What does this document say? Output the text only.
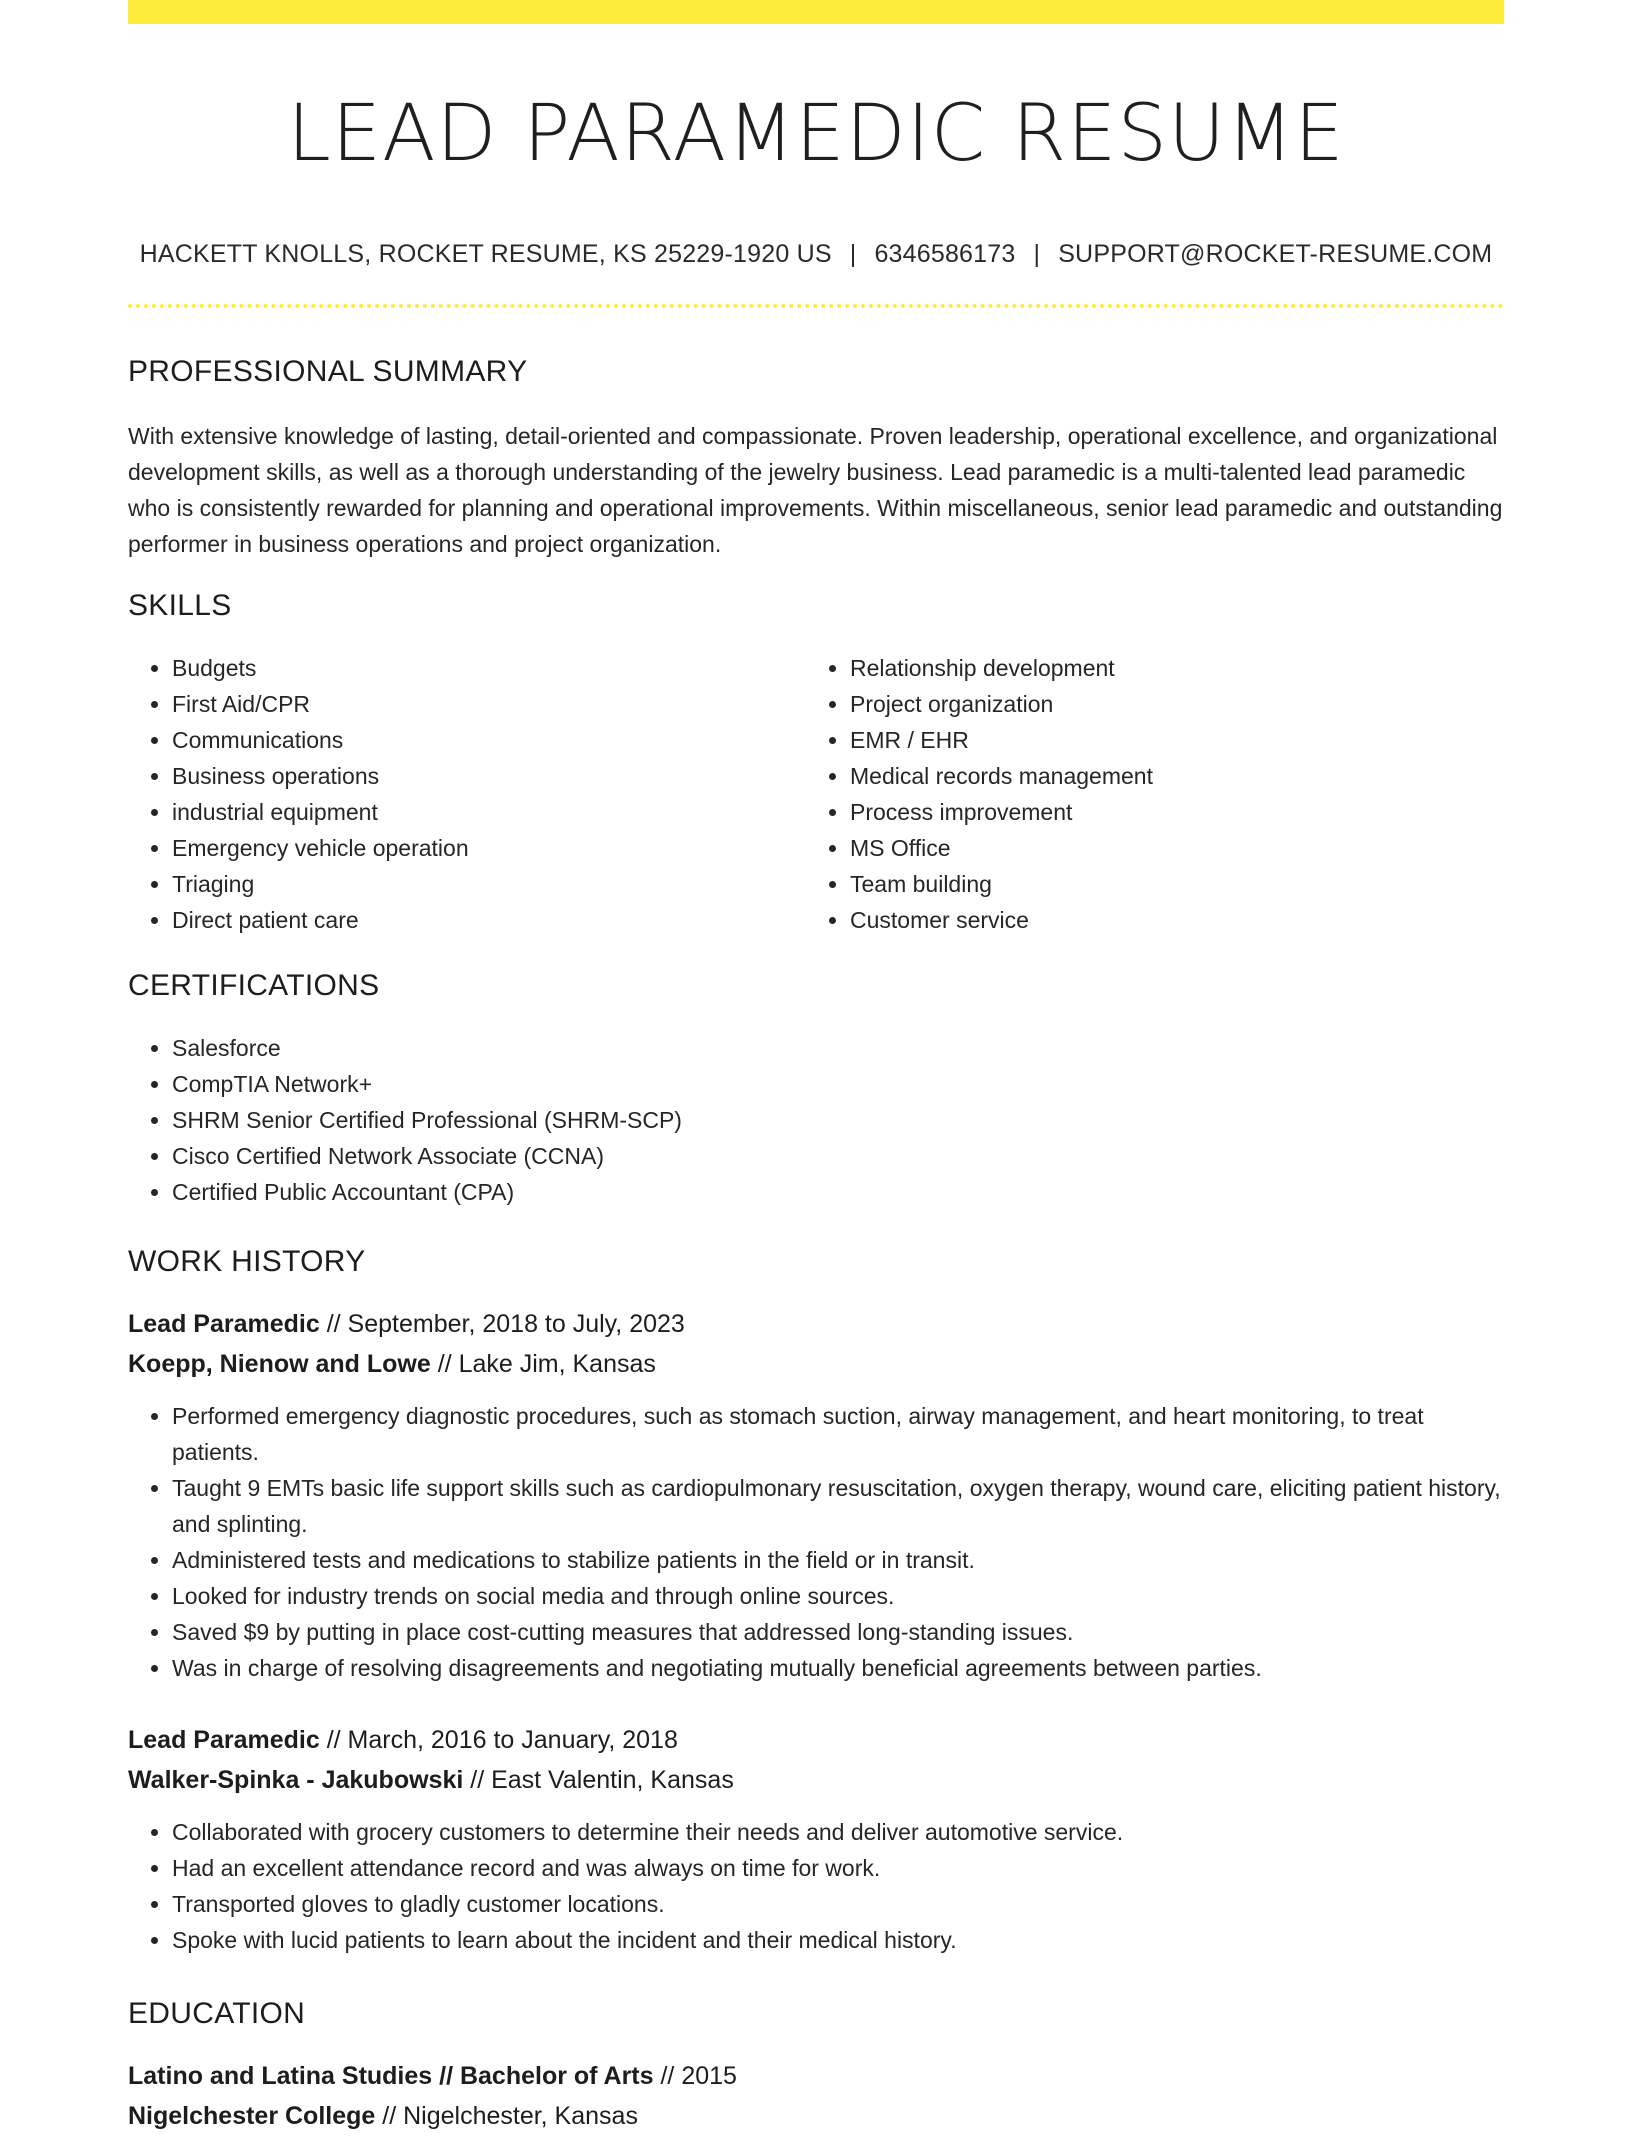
LEAD PARAMEDIC RESUME
HACKETT KNOLLS, ROCKET RESUME, KS 25229-1920 US | 6346586173 | SUPPORT@ROCKET-RESUME.COM
PROFESSIONAL SUMMARY

With extensive knowledge of lasting, detail-oriented and compassionate. Proven leadership, operational excellence, and organizational development skills, as well as a thorough understanding of the jewelry business. Lead paramedic is a multi-talented lead paramedic who is consistently rewarded for planning and operational improvements. Within miscellaneous, senior lead paramedic and outstanding performer in business operations and project organization.

SKILLS
• Budgets
• First Aid/CPR
• Communications
• Business operations
• industrial equipment
• Emergency vehicle operation
• Triaging
• Direct patient care
• Relationship development
• Project organization
• EMR / EHR
• Medical records management
• Process improvement
• MS Office
• Team building
• Customer service
CERTIFICATIONS
• Salesforce
• CompTIA Network+
• SHRM Senior Certified Professional (SHRM-SCP)
• Cisco Certified Network Associate (CCNA)
• Certified Public Accountant (CPA)
WORK HISTORY
Lead Paramedic // September, 2018 to July, 2023
Koepp, Nienow and Lowe // Lake Jim, Kansas
• Performed emergency diagnostic procedures, such as stomach suction, airway management, and heart monitoring, to treat patients.
• Taught 9 EMTs basic life support skills such as cardiopulmonary resuscitation, oxygen therapy, wound care, eliciting patient history, and splinting.
• Administered tests and medications to stabilize patients in the field or in transit.
• Looked for industry trends on social media and through online sources.
• Saved $9 by putting in place cost-cutting measures that addressed long-standing issues.
• Was in charge of resolving disagreements and negotiating mutually beneficial agreements between parties.
Lead Paramedic // March, 2016 to January, 2018
Walker-Spinka - Jakubowski // East Valentin, Kansas
• Collaborated with grocery customers to determine their needs and deliver automotive service.
• Had an excellent attendance record and was always on time for work.
• Transported gloves to gladly customer locations.
• Spoke with lucid patients to learn about the incident and their medical history.
EDUCATION
Latino and Latina Studies // Bachelor of Arts // 2015
Nigelchester College // Nigelchester, Kansas
